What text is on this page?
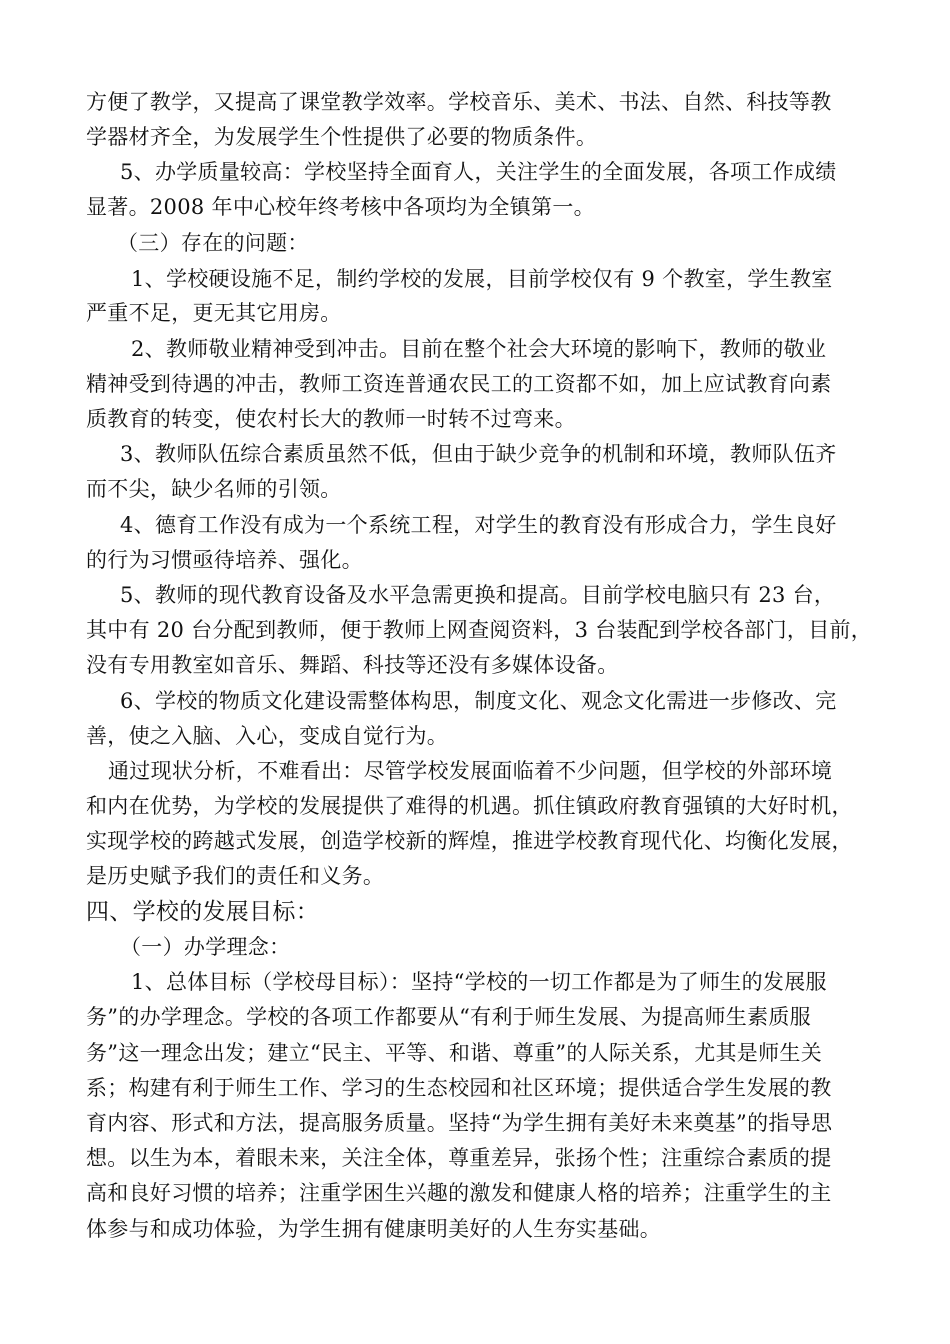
方便了教学，又提高了课堂教学效率。学校音乐、美术、书法、自然、科技等教
学器材齐全，为发展学生个性提供了必要的物质条件。
5、办学质量较高：学校坚持全面育人，关注学生的全面发展，各项工作成绩
显著。2008 年中心校年终考核中各项均为全镇第一。
（三）存在的问题：
1、学校硬设施不足，制约学校的发展，目前学校仅有 9 个教室，学生教室
严重不足，更无其它用房。
2、教师敬业精神受到冲击。目前在整个社会大环境的影响下，教师的敬业
精神受到待遇的冲击，教师工资连普通农民工的工资都不如，加上应试教育向素
质教育的转变，使农村长大的教师一时转不过弯来。
3、教师队伍综合素质虽然不低，但由于缺少竞争的机制和环境，教师队伍齐
而不尖，缺少名师的引领。
4、德育工作没有成为一个系统工程，对学生的教育没有形成合力，学生良好
的行为习惯亟待培养、强化。
5、教师的现代教育设备及水平急需更换和提高。目前学校电脑只有 23 台，
其中有 20 台分配到教师，便于教师上网查阅资料，3 台装配到学校各部门，目前，
没有专用教室如音乐、舞蹈、科技等还没有多媒体设备。
6、学校的物质文化建设需整体构思，制度文化、观念文化需进一步修改、完
善，使之入脑、入心，变成自觉行为。
通过现状分析，不难看出：尽管学校发展面临着不少问题，但学校的外部环境
和内在优势，为学校的发展提供了难得的机遇。抓住镇政府教育强镇的大好时机，
实现学校的跨越式发展，创造学校新的辉煌，推进学校教育现代化、均衡化发展，
是历史赋予我们的责任和义务。
四、学校的发展目标：
（一）办学理念：
1、总体目标（学校母目标）：坚持“学校的一切工作都是为了师生的发展服
务”的办学理念。学校的各项工作都要从“有利于师生发展、为提高师生素质服
务”这一理念出发；建立“民主、平等、和谐、尊重”的人际关系，尤其是师生关
系；构建有利于师生工作、学习的生态校园和社区环境；提供适合学生发展的教
育内容、形式和方法，提高服务质量。坚持“为学生拥有美好未来奠基”的指导思
想。以生为本，着眼未来，关注全体，尊重差异，张扬个性；注重综合素质的提
高和良好习惯的培养；注重学困生兴趣的激发和健康人格的培养；注重学生的主
体参与和成功体验，为学生拥有健康明美好的人生夯实基础。
